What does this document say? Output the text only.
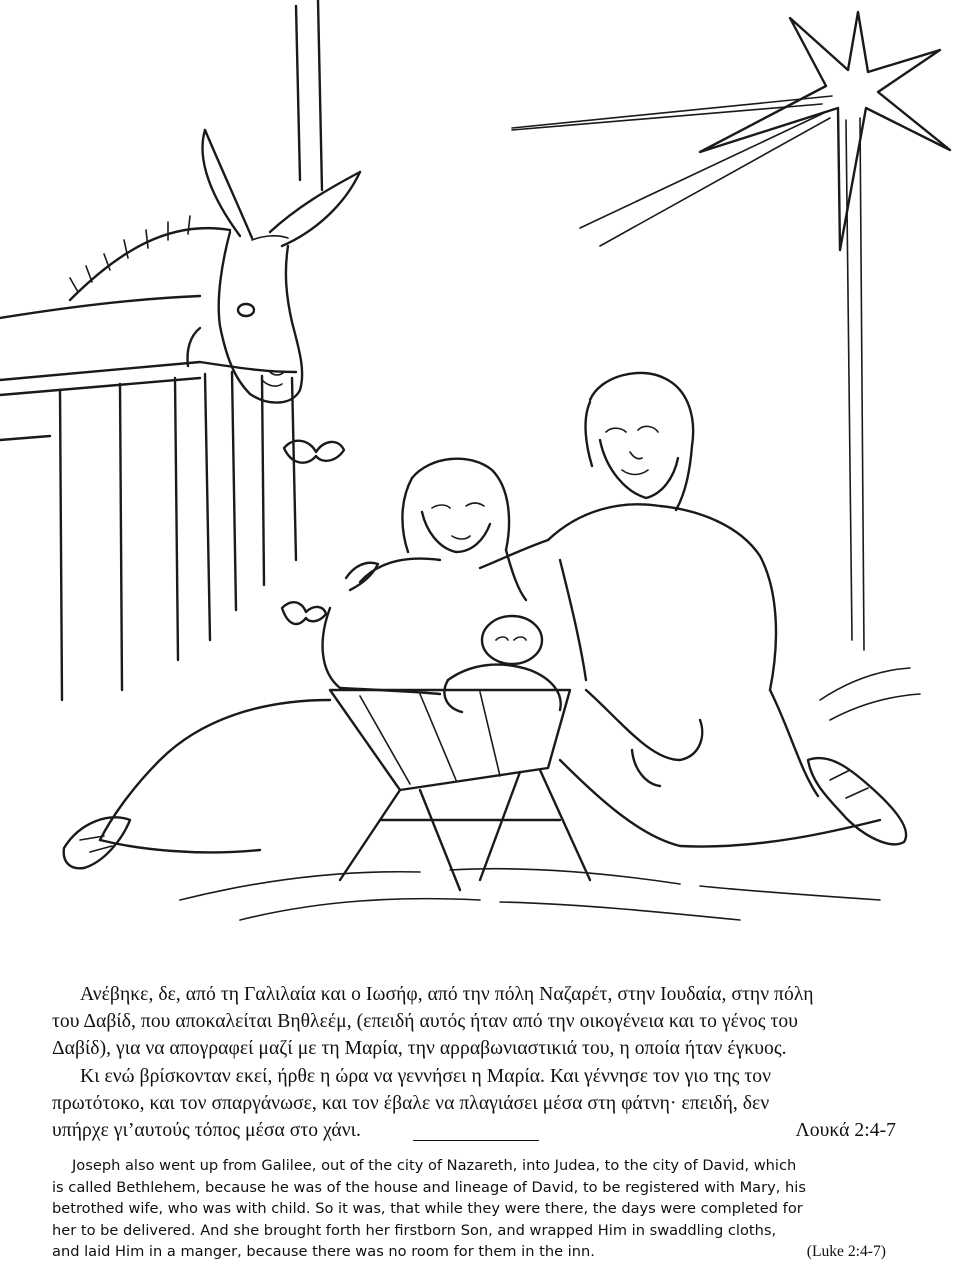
Ανέβηκε, δε, από τη Γαλιλαία και ο Ιωσήφ, από την πόλη Ναζαρέτ, στην Ιουδαία, στην πόλη
του Δαβίδ, που αποκαλείται Βηθλεέμ, (επειδή αυτός ήταν από την οικογένεια και το γένος του
Δαβίδ), για να απογραφεί μαζί με τη Μαρία, την αρραβωνιαστικιά του, η οποία ήταν έγκυος.
Κι ενώ βρίσκονταν εκεί, ήρθε η ώρα να γεννήσει η Μαρία. Και γέννησε τον γιο της τον
πρωτότοκο, και τον σπαργάνωσε, και τον έβαλε να πλαγιάσει μέσα στη φάτνη· επειδή, δεν
υπήρχε γι’αυτούς τόπος μέσα στο χάνι.	Λουκά 2:4-7
Joseph also went up from Galilee, out of the city of Nazareth, into Judea, to the city of David, which
is called Bethlehem, because he was of the house and lineage of David, to be registered with Mary, his
betrothed wife, who was with child. So it was, that while they were there, the days were completed for
her to be delivered. And she brought forth her firstborn Son, and wrapped Him in swaddling cloths,
and laid Him in a manger, because there was no room for them in the inn.	(Luke 2:4-7)
